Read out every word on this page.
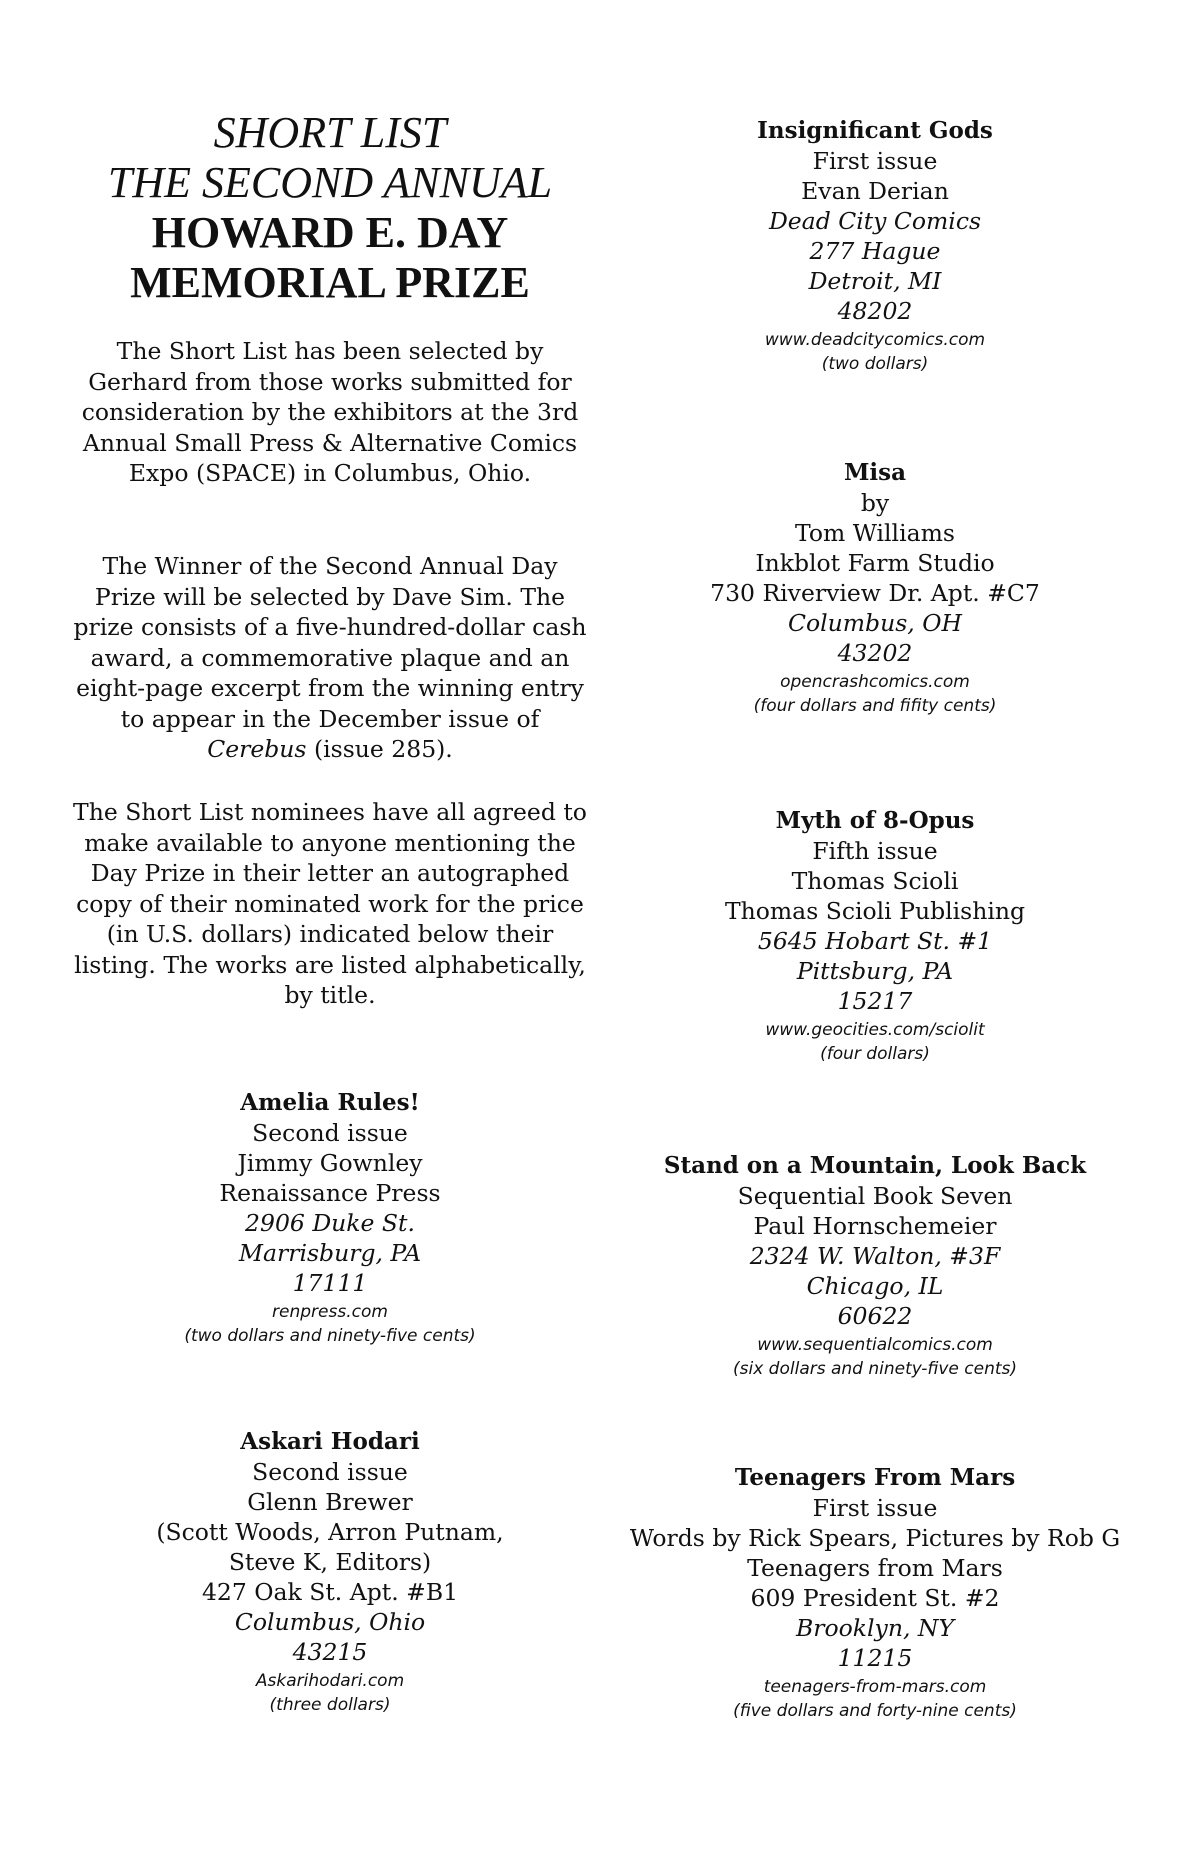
SHORT LIST
THE SECOND ANNUAL
HOWARD E. DAY
MEMORIAL PRIZE

The Short List has been selected by Gerhard from those works submitted for consideration by the exhibitors at the 3rd Annual Small Press & Alternative Comics Expo (SPACE) in Columbus, Ohio.

The Winner of the Second Annual Day Prize will be selected by Dave Sim. The prize consists of a five-hundred-dollar cash award, a commemorative plaque and an eight-page excerpt from the winning entry to appear in the December issue of Cerebus (issue 285).

The Short List nominees have all agreed to make available to anyone mentioning the Day Prize in their letter an autographed copy of their nominated work for the price (in U.S. dollars) indicated below their listing. The works are listed alphabetically, by title.

Amelia Rules!
Second issue
Jimmy Gownley
Renaissance Press
2906 Duke St.
Marrisburg, PA
17111
renpress.com
(two dollars and ninety-five cents)
Askari Hodari
Second issue
Glenn Brewer
(Scott Woods, Arron Putnam,
Steve K, Editors)
427 Oak St. Apt. #B1
Columbus, Ohio
43215
Askarihodari.com
(three dollars)
Insignificant Gods
First issue
Evan Derian
Dead City Comics
277 Hague
Detroit, MI
48202
www.deadcitycomics.com
(two dollars)
Misa
by
Tom Williams
Inkblot Farm Studio
730 Riverview Dr. Apt. #C7
Columbus, OH
43202
opencrashcomics.com
(four dollars and fifity cents)
Myth of 8-Opus
Fifth issue
Thomas Scioli
Thomas Scioli Publishing
5645 Hobart St. #1
Pittsburg, PA
15217
www.geocities.com/sciolit
(four dollars)
Stand on a Mountain, Look Back
Sequential Book Seven
Paul Hornschemeier
2324 W. Walton, #3F
Chicago, IL
60622
www.sequentialcomics.com
(six dollars and ninety-five cents)
Teenagers From Mars
First issue
Words by Rick Spears, Pictures by Rob G
Teenagers from Mars
609 President St. #2
Brooklyn, NY
11215
teenagers-from-mars.com
(five dollars and forty-nine cents)
